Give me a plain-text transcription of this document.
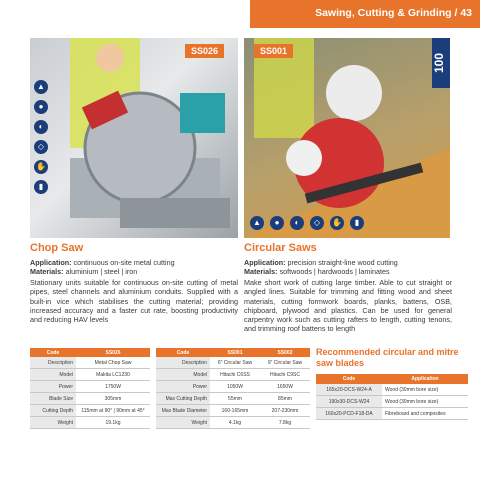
Sawing, Cutting & Grinding / 43
SS026
▲
●
◐
◇
✋
▮
SS001
100
▲	●	◐	◇	✋	▮
Chop Saw
Application: continuous on-site metal cutting
Materials: aluminium | steel | iron
Stationary units suitable for continuous on-site cutting of metal pipes, steel channels and aluminium conduits. Supplied with a built-in vice which stabilises the cutting material; providing increased accuracy and a faster cut rate, boosting productivity and reducing HAV levels
Circular Saws
Application: precision straight-line wood cutting
Materials: softwoods | hardwoods | laminates
Make short work of cutting large timber. Able to cut straight or angled lines. Suitable for trimming and fitting wood and sheet materials, cutting formwork boards, planks, battens, OSB, chipboard, plywood and plastics. Can be used for general carpentry work such as cutting rafters to length, cutting tenons, and trimming roof battens to length
Code	SS026
Description	Metal Chop Saw
Model	Makita LC1230
Power	1750W
Blade Size	305mm
Cutting Depth	115mm at 90° | 90mm at 45°
Weight	19.1kg
Code	SS001	SS002
Description	6" Circular Saw	9" Circular Saw
Model	Hitachi C6SS	Hitachi C9SC
Power	1050W	1650W
Max Cutting Depth	55mm	85mm
Max Blade Diameter	160-165mm	207-230mm
Weight	4.1kg	7.8kg
Recommended circular and mitre saw blades
Code	Application
165x20-DCS-W24-A	Wood (30mm bore size)
190x30-DCS-W24	Wood (30mm bore size)
160x20-PCD-F18-DA	Fibreboard and composites
